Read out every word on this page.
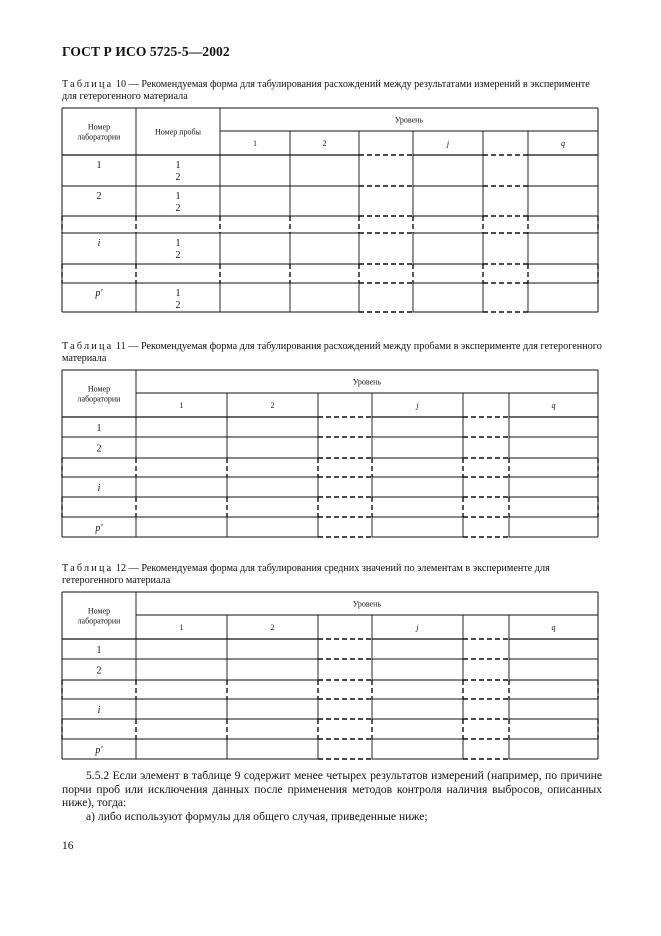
ГОСТ Р ИСО 5725-5—2002
Таблица 10 — Рекомендуемая форма для табулирования расхождений между результатами измерений в эксперименте для гетерогенного материала
Номер
лаборатории
Номер пробы
Уровень
1	2	j	q
1	1
2
2	1
2
i	1
2
p'	1
2
Таблица 11 — Рекомендуемая форма для табулирования расхождений между пробами в эксперименте для гетерогенного материала
Номер
лаборатории
Уровень
1	2	j	q
1
2
i
p'
Таблица 12 — Рекомендуемая форма для табулирования средних значений по элементам в эксперименте для гетерогенного материала
Номер
лаборатории
Уровень
1	2	j	q
1
2
i
p'
5.5.2 Если элемент в таблице 9 содержит менее четырех результатов измерений (например, по причине порчи проб или исключения данных после применения методов контроля наличия выбросов, описанных ниже), тогда:
а) либо используют формулы для общего случая, приведенные ниже;
16
